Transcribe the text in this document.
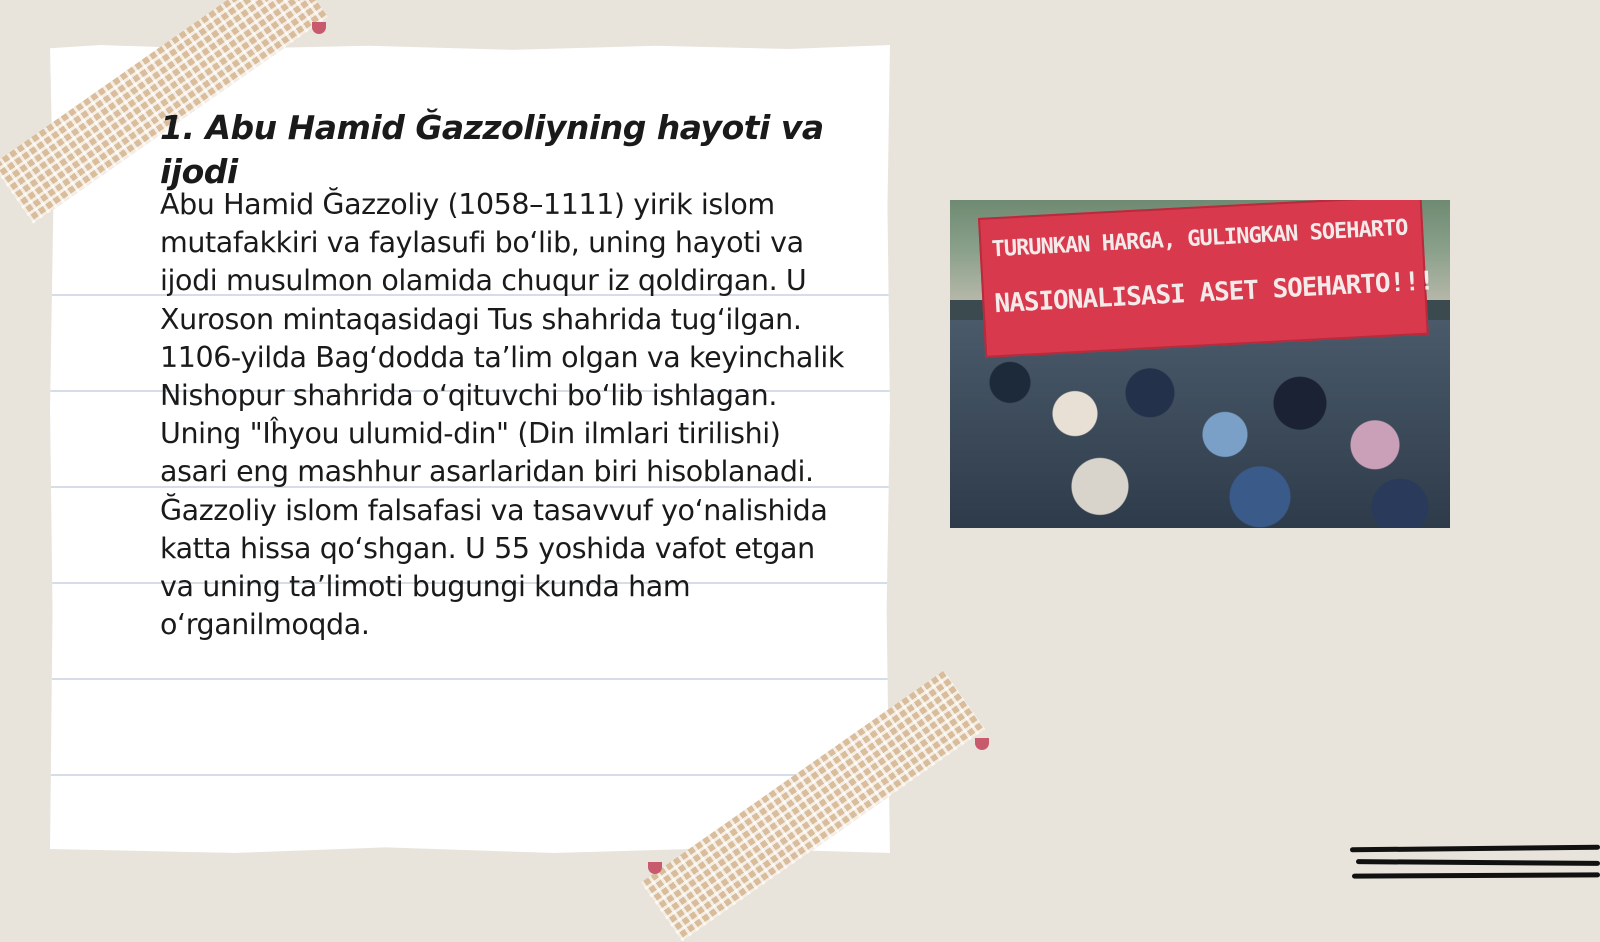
1. Abu Hamid Ğazzoliyning hayoti va ijodi

Abu Hamid Ğazzoliy (1058–1111) yirik islom mutafakkiri va faylasufi bo‘lib, uning hayoti va ijodi musulmon olamida chuqur iz qoldirgan. U Xuroson mintaqasidagi Tus shahrida tug‘ilgan. 1106-yilda Bag‘dodda ta’lim olgan va keyinchalik Nishopur shahrida o‘qituvchi bo‘lib ishlagan. Uning "Iĥyou ulumid-din" (Din ilmlari tirilishi) asari eng mashhur asarlaridan biri hisoblanadi. Ğazzoliy islom falsafasi va tasavvuf yo‘nalishida katta hissa qo‘shgan. U 55 yoshida vafot etgan va uning ta’limoti bugungi kunda ham o‘rganilmoqda.

TURUNKAN HARGA, GULINGKAN SOEHARTO

NASIONALISASI ASET SOEHARTO!!!
